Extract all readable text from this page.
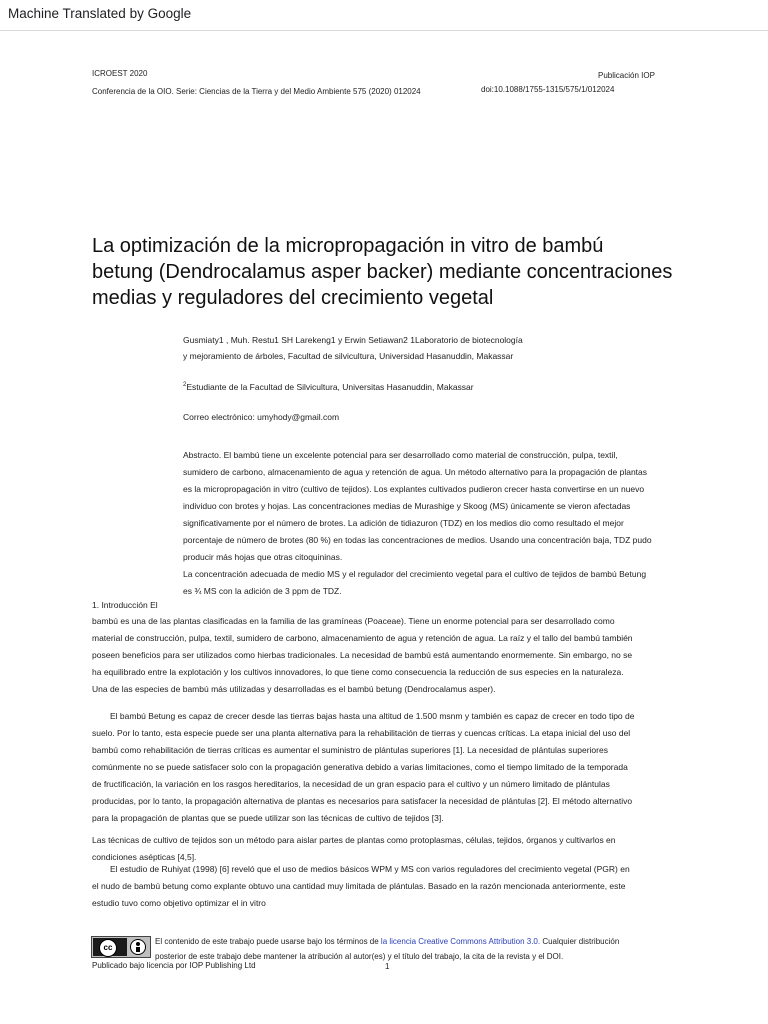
Machine Translated by Google
ICROEST 2020	Publicación IOP
Conferencia de la OIO. Serie: Ciencias de la Tierra y del Medio Ambiente 575 (2020) 012024	doi:10.1088/1755-1315/575/1/012024
La optimización de la micropropagación in vitro de bambú
betung (Dendrocalamus asper backer) mediante concentraciones
medias y reguladores del crecimiento vegetal
Gusmiaty1 , Muh. Restu1 SH Larekeng1 y Erwin Setiawan2 1Laboratorio de biotecnología
y mejoramiento de árboles, Facultad de silvicultura, Universidad Hasanuddin, Makassar
$^2$Estudiante de la Facultad de Silvicultura, Universitas Hasanuddin, Makassar
Correo electrónico: umyhody@gmail.com
Abstracto. El bambú tiene un excelente potencial para ser desarrollado como material de construcción, pulpa, textil,
sumidero de carbono, almacenamiento de agua y retención de agua. Un método alternativo para la propagación de plantas
es la micropropagación in vitro (cultivo de tejidos). Los explantes cultivados pudieron crecer hasta convertirse en un nuevo
individuo con brotes y hojas. Las concentraciones medias de Murashige y Skoog (MS) únicamente se vieron afectadas
significativamente por el número de brotes. La adición de tidiazuron (TDZ) en los medios dio como resultado el mejor
porcentaje de número de brotes (80 %) en todas las concentraciones de medios. Usando una concentración baja, TDZ pudo
producir más hojas que otras citoquininas.
La concentración adecuada de medio MS y el regulador del crecimiento vegetal para el cultivo de tejidos de bambú Betung
es ¾ MS con la adición de 3 ppm de TDZ.
1. Introducción El
bambú es una de las plantas clasificadas en la familia de las gramíneas (Poaceae). Tiene un enorme potencial para ser desarrollado como
material de construcción, pulpa, textil, sumidero de carbono, almacenamiento de agua y retención de agua. La raíz y el tallo del bambú también
poseen beneficios para ser utilizados como hierbas tradicionales. La necesidad de bambú está aumentando enormemente. Sin embargo, no se
ha equilibrado entre la explotación y los cultivos innovadores, lo que tiene como consecuencia la reducción de sus especies en la naturaleza.
Una de las especies de bambú más utilizadas y desarrolladas es el bambú betung (Dendrocalamus asper).
El bambú Betung es capaz de crecer desde las tierras bajas hasta una altitud de 1.500 msnm y también es capaz de crecer en todo tipo de
suelo. Por lo tanto, esta especie puede ser una planta alternativa para la rehabilitación de tierras y cuencas críticas. La etapa inicial del uso del
bambú como rehabilitación de tierras críticas es aumentar el suministro de plántulas superiores [1]. La necesidad de plántulas superiores
comúnmente no se puede satisfacer solo con la propagación generativa debido a varias limitaciones, como el tiempo limitado de la temporada
de fructificación, la variación en los rasgos hereditarios, la necesidad de un gran espacio para el cultivo y un número limitado de plántulas
producidas, por lo tanto, la propagación alternativa de plantas es necesarios para satisfacer la necesidad de plántulas [2]. El método alternativo
para la propagación de plantas que se puede utilizar son las técnicas de cultivo de tejidos [3].
Las técnicas de cultivo de tejidos son un método para aislar partes de plantas como protoplasmas, células, tejidos, órganos y cultivarlos en
condiciones asépticas [4,5].
El estudio de Ruhiyat (1998) [6] reveló que el uso de medios básicos WPM y MS con varios reguladores del crecimiento vegetal (PGR) en
el nudo de bambú betung como explante obtuvo una cantidad muy limitada de plántulas. Basado en la razón mencionada anteriormente, este
estudio tuvo como objetivo optimizar el in vitro
cc
El contenido de este trabajo puede usarse bajo los términos de la licencia Creative Commons Attribution 3.0. Cualquier distribución
posterior de este trabajo debe mantener la atribución al autor(es) y el título del trabajo, la cita de la revista y el DOI.
Publicado bajo licencia por IOP Publishing Ltd	1
